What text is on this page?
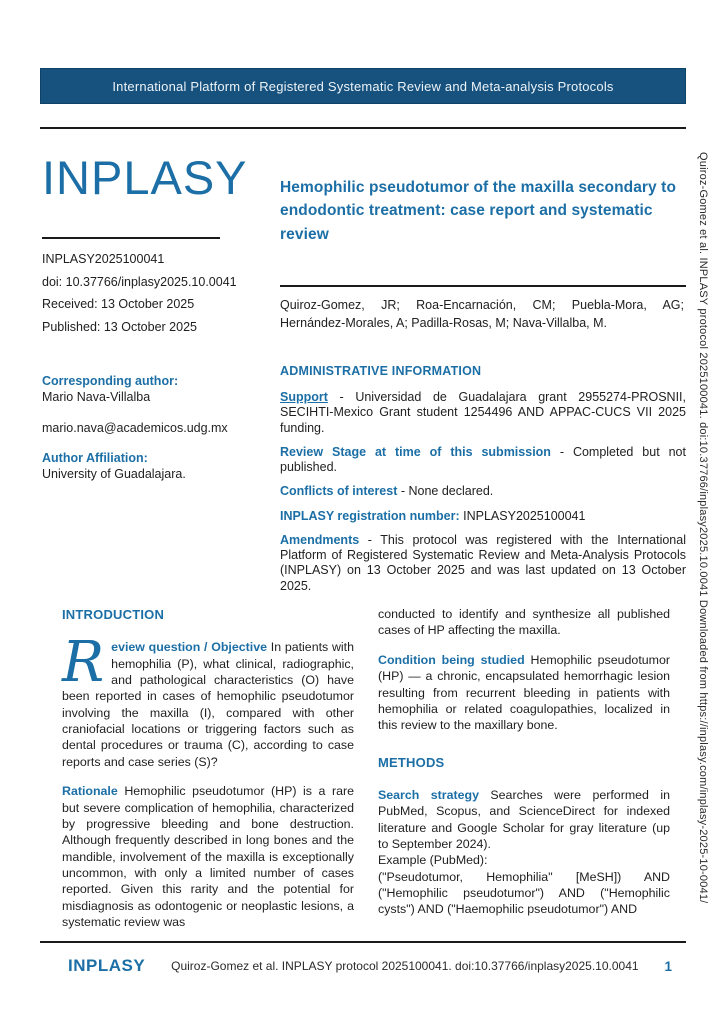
International Platform of Registered Systematic Review and Meta-analysis Protocols
INPLASY
INPLASY2025100041
doi: 10.37766/inplasy2025.10.0041
Received: 13 October 2025
Published: 13 October 2025
Hemophilic pseudotumor of the maxilla secondary to endodontic treatment: case report and systematic review
Quiroz-Gomez, JR; Roa-Encarnación, CM; Puebla-Mora, AG; Hernández-Morales, A; Padilla-Rosas, M; Nava-Villalba, M.
Corresponding author:
Mario Nava-Villalba
mario.nava@academicos.udg.mx
Author Affiliation:
University of Guadalajara.
ADMINISTRATIVE INFORMATION

Support - Universidad de Guadalajara grant 2955274-PROSNII, SECIHTI-Mexico Grant student 1254496 AND APPAC-CUCS VII 2025 funding.

Review Stage at time of this submission - Completed but not published.

Conflicts of interest - None declared.

INPLASY registration number: INPLASY2025100041

Amendments - This protocol was registered with the International Platform of Registered Systematic Review and Meta-Analysis Protocols (INPLASY) on 13 October 2025 and was last updated on 13 October 2025.

INTRODUCTION

Review question / Objective In patients with hemophilia (P), what clinical, radiographic, and pathological characteristics (O) have been reported in cases of hemophilic pseudotumor involving the maxilla (I), compared with other craniofacial locations or triggering factors such as dental procedures or trauma (C), according to case reports and case series (S)?

Rationale Hemophilic pseudotumor (HP) is a rare but severe complication of hemophilia, characterized by progressive bleeding and bone destruction. Although frequently described in long bones and the mandible, involvement of the maxilla is exceptionally uncommon, with only a limited number of cases reported. Given this rarity and the potential for misdiagnosis as odontogenic or neoplastic lesions, a systematic review was

conducted to identify and synthesize all published cases of HP affecting the maxilla.

Condition being studied Hemophilic pseudotumor (HP) — a chronic, encapsulated hemorrhagic lesion resulting from recurrent bleeding in patients with hemophilia or related coagulopathies, localized in this review to the maxillary bone.

METHODS

Search strategy Searches were performed in PubMed, Scopus, and ScienceDirect for indexed literature and Google Scholar for gray literature (up to September 2024).
Example (PubMed):
("Pseudotumor, Hemophilia" [MeSH]) AND ("Hemophilic pseudotumor") AND ("Hemophilic cysts") AND ("Haemophilic pseudotumor") AND

INPLASY	Quiroz-Gomez et al. INPLASY protocol 2025100041. doi:10.37766/inplasy2025.10.0041	1
Quiroz-Gomez et al. INPLASY protocol 2025100041. doi:10.37766/inplasy2025.10.0041 Downloaded from https://inplasy.com/inplasy-2025-10-0041/
